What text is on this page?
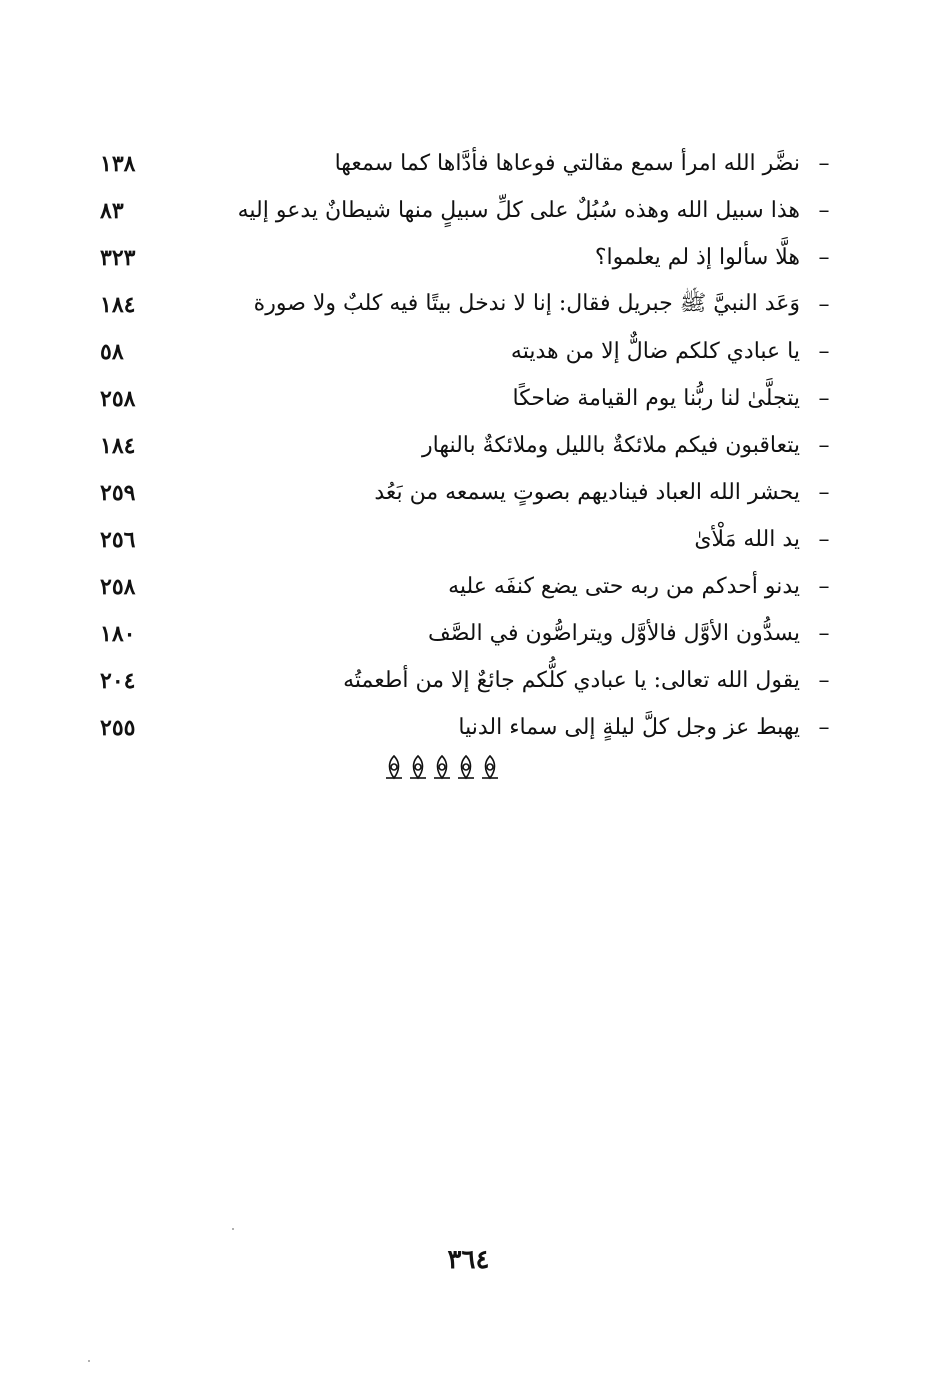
–
نضَّر الله امرأ سمع مقالتي فوعاها فأدَّاها كما سمعها
١٣٨
–
هذا سبيل الله وهذه سُبُلٌ على كلِّ سبيلٍ منها شيطانٌ يدعو إليه
٨٣
–
هلَّا سألوا إذ لم يعلموا؟
٣٢٣
–
وَعَد النبيَّ ﷺ جبريل فقال: إنا لا ندخل بيتًا فيه كلبٌ ولا صورة
١٨٤
–
يا عبادي كلكم ضالٌّ إلا من هديته
٥٨
–
يتجلَّىٰ لنا ربُّنا يوم القيامة ضاحكًا
٢٥٨
–
يتعاقبون فيكم ملائكةٌ بالليل وملائكةٌ بالنهار
١٨٤
–
يحشر الله العباد فيناديهم بصوتٍ يسمعه من بَعُد
٢٥٩
–
يد الله مَلْأىٰ
٢٥٦
–
يدنو أحدكم من ربه حتى يضع كنفَه عليه
٢٥٨
–
يسدُّون الأوَّل فالأوَّل ويتراصُّون في الصَّف
١٨٠
–
يقول الله تعالى: يا عبادي كلُّكم جائعٌ إلا من أطعمتُه
٢٠٤
–
يهبط عز وجل كلَّ ليلةٍ إلى سماء الدنيا
٢٥٥
٣٦٤
